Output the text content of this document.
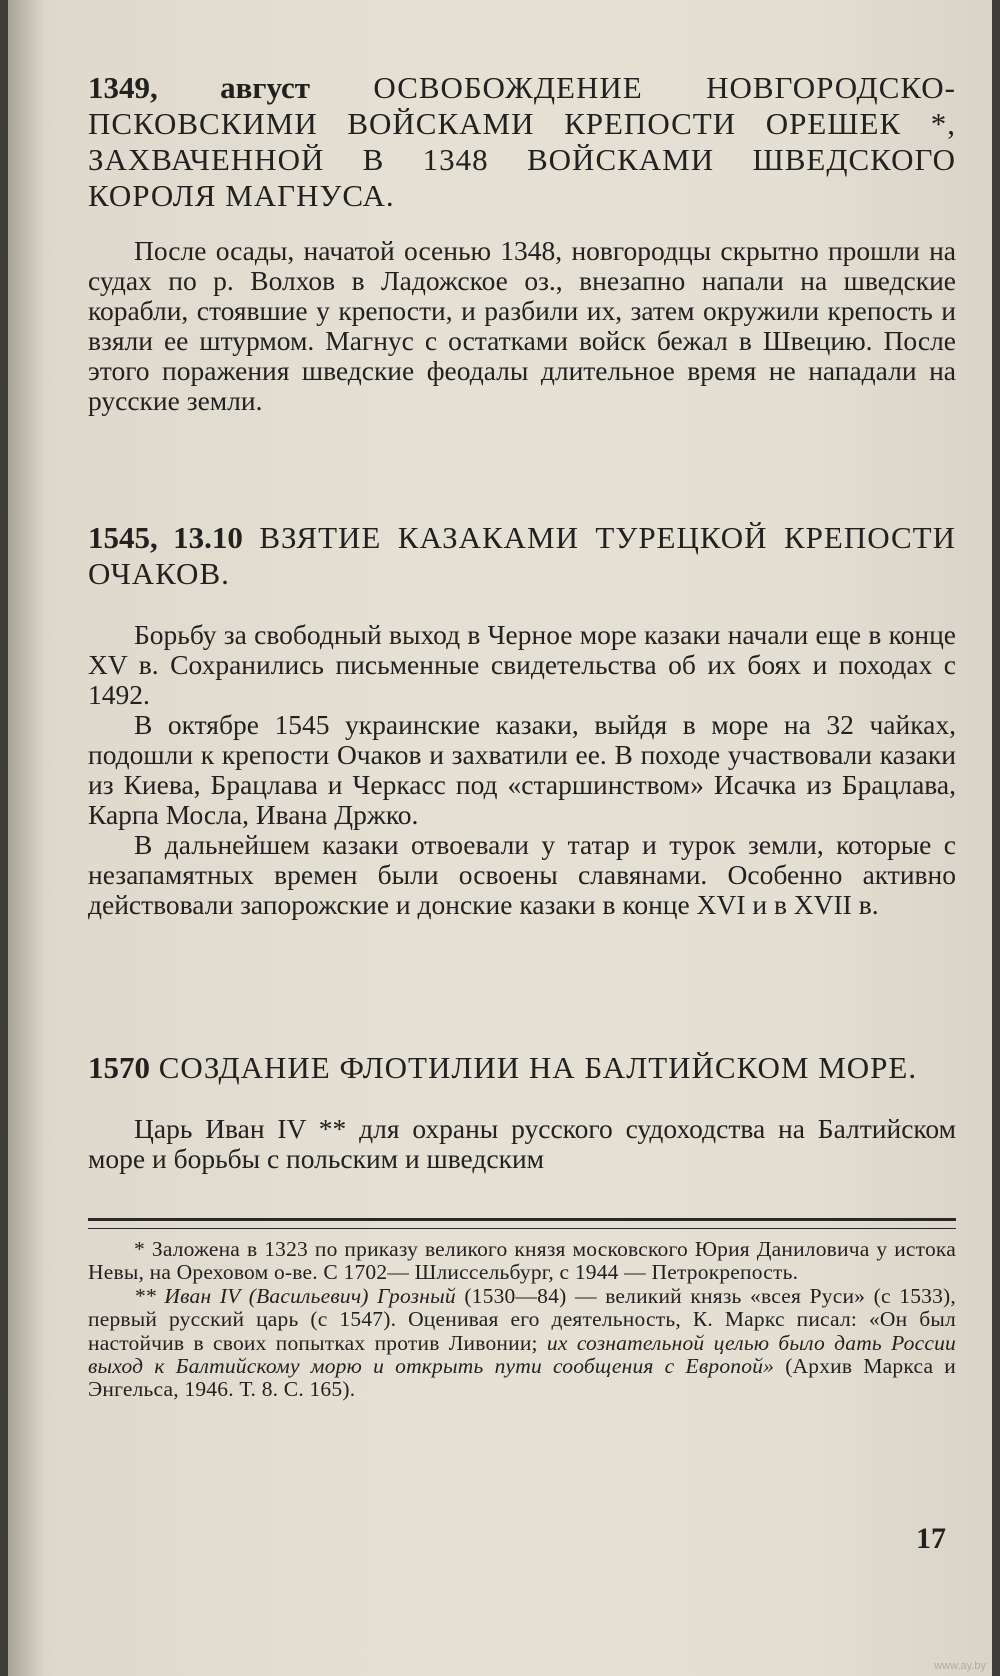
1349, август ОСВОБОЖДЕНИЕ НОВГОРОДСКО-ПСКОВСКИМИ ВОЙСКАМИ КРЕПОСТИ ОРЕШЕК *, ЗАХВАЧЕННОЙ В 1348 ВОЙСКАМИ ШВЕДСКОГО КОРОЛЯ МАГНУСА.

После осады, начатой осенью 1348, новгородцы скрытно прошли на судах по р. Волхов в Ладожское оз., внезапно напали на шведские корабли, стоявшие у крепости, и разбили их, затем окружили крепость и взяли ее штурмом. Магнус с остатками войск бежал в Швецию. После этого поражения шведские феодалы длительное время не нападали на русские земли.

1545, 13.10 ВЗЯТИЕ КАЗАКАМИ ТУРЕЦКОЙ КРЕПОСТИ ОЧАКОВ.

Борьбу за свободный выход в Черное море казаки начали еще в конце XV в. Сохранились письменные свидетельства об их боях и походах с 1492.

В октябре 1545 украинские казаки, выйдя в море на 32 чайках, подошли к крепости Очаков и захватили ее. В походе участвовали казаки из Киева, Брацлава и Черкасс под «старшинством» Исачка из Брацлава, Карпа Мосла, Ивана Држко.

В дальнейшем казаки отвоевали у татар и турок земли, которые с незапамятных времен были освоены славянами. Особенно активно действовали запорожские и донские казаки в конце XVI и в XVII в.

1570 СОЗДАНИЕ ФЛОТИЛИИ НА БАЛТИЙСКОМ МОРЕ.

Царь Иван IV ** для охраны русского судоходства на Балтийском море и борьбы с польским и шведским

* Заложена в 1323 по приказу великого князя московского Юрия Даниловича у истока Невы, на Ореховом о-ве. С 1702— Шлиссельбург, с 1944 — Петрокрепость.

** Иван IV (Васильевич) Грозный (1530—84) — великий князь «всея Руси» (с 1533), первый русский царь (с 1547). Оценивая его деятельность, К. Маркс писал: «Он был настойчив в своих попытках против Ливонии; их сознательной целью было дать России выход к Балтийскому морю и открыть пути сообщения с Европой» (Архив Маркса и Энгельса, 1946. Т. 8. С. 165).

17
www.ay.by
